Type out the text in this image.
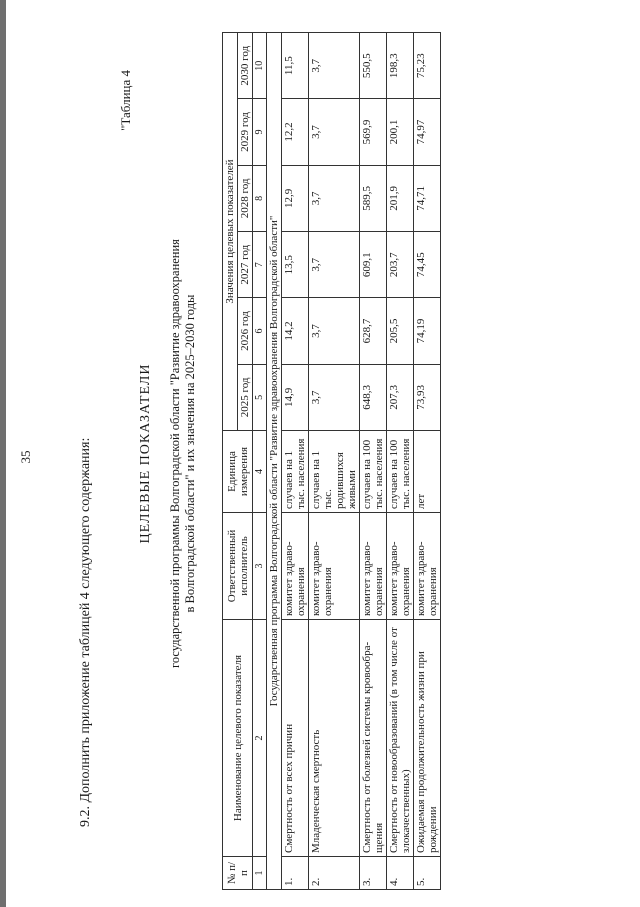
35	9.2. Дополнить приложение таблицей 4 следующего содержания:
"Таблица 4
ЦЕЛЕВЫЕ ПОКАЗАТЕЛИ государственной программы Волгоградской области "Развитие здравоохранения в Волгоградской области" и их значения на 2025–2030 годы
№ п/п	Наименование целевого показателя	Ответственный исполнитель	Единица измерения	Значения целевых показателей					
				2025 год	2026 год	2027 год	2028 год	2029 год	2030 год
1	2	3	4	5	6	7	8	9	10
Государственная программа Волгоградской области "Развитие здравоохранения Волгоградской области"									
1.	Смертность от всех причин	комитет здраво-охранения	случаев на 1 тыс. населения	14,9	14,2	13,5	12,9	12,2	11,5
2.	Младенческая смертность	комитет здраво-охранения	случаев на 1 тыс. родившихся живыми	3,7	3,7	3,7	3,7	3,7	3,7
3.	Смертность от болезней системы кровообра-щения	комитет здраво-охранения	случаев на 100 тыс. населения	648,3	628,7	609,1	589,5	569,9	550,5
4.	Смертность от новообразований (в том числе от злокачественных)	комитет здраво-охранения	случаев на 100 тыс. населения	207,3	205,5	203,7	201,9	200,1	198,3
5.	Ожидаемая продолжительность жизни при рождении	комитет здраво-охранения	лет	73,93	74,19	74,45	74,71	74,97	75,23
